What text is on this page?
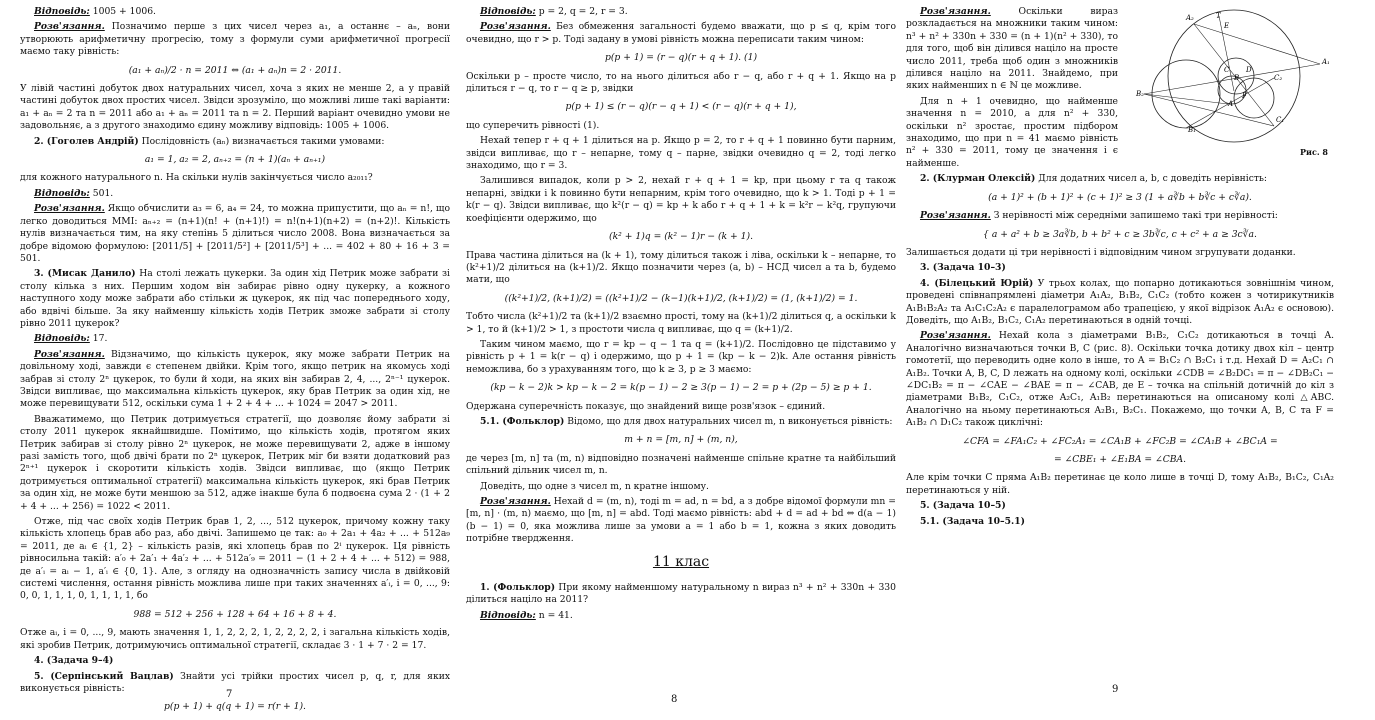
Відповідь: 1005 + 1006.
Розв'язання. Позначимо перше з цих чисел через a₁, а останнє – aₙ, вони утворюють арифметичну прогресію, тому з формули суми арифметичної прогресії маємо таку рівність:
(a₁ + aₙ)/2 · n = 2011 ⇔ (a₁ + aₙ)n = 2 · 2011.
У лівій частині добуток двох натуральних чисел, хоча з яких не менше 2, а у правій частині добуток двох простих чисел. Звідси зрозуміло, що можливі лише такі варіанти: a₁ + aₙ = 2 та n = 2011 або a₁ + aₙ = 2011 та n = 2. Перший варіант очевидно умови не задовольняє, а з другого знаходимо єдину можливу відповідь: 1005 + 1006.
2. (Гоголев Андрій) Послідовність (aₙ) визначається такими умовами:
a₁ = 1, a₂ = 2, aₙ₊₂ = (n + 1)(aₙ + aₙ₊₁)
для кожного натурального n. На скільки нулів закінчується число a₂₀₁₁?
Відповідь: 501.
Розв'язання. Якщо обчислити a₃ = 6, a₄ = 24, то можна припустити, що aₙ = n!, що легко доводиться ММІ: aₙ₊₂ = (n+1)(n! + (n+1)!) = n!(n+1)(n+2) = (n+2)!. Кількість нулів визначається тим, на яку степінь 5 ділиться число 2008. Вона визначається за добре відомою формулою: [2011/5] + [2011/5²] + [2011/5³] + ... = 402 + 80 + 16 + 3 = 501.
3. (Мисак Данило) На столі лежать цукерки. За один хід Петрик може забрати зі столу кілька з них. Першим ходом він забирає рівно одну цукерку, а кожного наступного ходу може забрати або стільки ж цукерок, як під час попереднього ходу, або вдвічі більше. За яку найменшу кількість ходів Петрик зможе забрати зі столу рівно 2011 цукерок?
Відповідь: 17.
Розв'язання. Відзначимо, що кількість цукерок, яку може забрати Петрик на довільному ході, завжди є степенем двійки. Крім того, якщо петрик на якомусь ході забрав зі столу 2ⁿ цукерок, то були й ходи, на яких він забирав 2, 4, ..., 2ⁿ⁻¹ цукерок. Звідси випливає, що максимальна кількість цукерок, яку брав Петрик за один хід, не може перевищувати 512, оскільки сума 1 + 2 + 4 + ... + 1024 = 2047 > 2011.
Вважатимемо, що Петрик дотримується стратегії, що дозволяє йому забрати зі столу 2011 цукерок якнайшвидше. Помітимо, що кількість ходів, протягом яких Петрик забирав зі столу рівно 2ⁿ цукерок, не може перевищувати 2, адже в іншому разі замість того, щоб двічі брати по 2ⁿ цукерок, Петрик міг би взяти додатковий раз 2ⁿ⁺¹ цукерок і скоротити кількість ходів. Звідси випливає, що (якщо Петрик дотримується оптимальної стратегії) максимальна кількість цукерок, які брав Петрик за один хід, не може бути меншою за 512, адже інакше була б подвоєна сума 2 · (1 + 2 + 4 + ... + 256) = 1022 < 2011.
Отже, під час своїх ходів Петрик брав 1, 2, ..., 512 цукерок, причому кожну таку кількість хлопець брав або раз, або двічі. Запишемо це так: a₀ + 2a₁ + 4a₂ + ... + 512a₉ = 2011, де aᵢ ∈ {1, 2} – кількість разів, які хлопець брав по 2ⁱ цукерок. Ця рівність рівносильна такій: a′₀ + 2a′₁ + 4a′₂ + ... + 512a′₉ = 2011 − (1 + 2 + 4 + ... + 512) = 988, де a′ᵢ = aᵢ − 1, a′ᵢ ∈ {0, 1}. Але, з огляду на однозначність запису числа в двійковій системі числення, остання рівність можлива лише при таких значеннях a′ᵢ, i = 0, ..., 9: 0, 0, 1, 1, 1, 0, 1, 1, 1, 1, бо
988 = 512 + 256 + 128 + 64 + 16 + 8 + 4.
Отже aᵢ, i = 0, ..., 9, мають значення 1, 1, 2, 2, 2, 1, 2, 2, 2, 2, і загальна кількість ходів, які зробив Петрик, дотримуючись оптимальної стратегії, складає 3 · 1 + 7 · 2 = 17.
4. (Задача 9–4)
5. (Серпінський Вацлав) Знайти усі трійки простих чисел p, q, r, для яких виконується рівність:
p(p + 1) + q(q + 1) = r(r + 1).
Відповідь: p = 2, q = 2, r = 3.
Розв'язання. Без обмеження загальності будемо вважати, що p ≤ q, крім того очевидно, що r > p. Тоді задану в умові рівність можна переписати таким чином:
p(p + 1) = (r − q)(r + q + 1). (1)
Оскільки p – просте число, то на нього ділиться або r − q, або r + q + 1. Якщо на p ділиться r − q, то r − q ≥ p, звідки
p(p + 1) ≤ (r − q)(r − q + 1) < (r − q)(r + q + 1),
що суперечить рівності (1).
Нехай тепер r + q + 1 ділиться на p. Якщо p = 2, то r + q + 1 повинно бути парним, звідси випливає, що r – непарне, тому q – парне, звідки очевидно q = 2, тоді легко знаходимо, що r = 3.
Залишився випадок, коли p > 2, нехай r + q + 1 = kp, при цьому r та q також непарні, звідки і k повинно бути непарним, крім того очевидно, що k > 1. Тоді p + 1 = k(r − q). Звідси випливає, що k²(r − q) = kp + k або r + q + 1 + k = k²r − k²q, групуючи коефіцієнти одержимо, що
(k² + 1)q = (k² − 1)r − (k + 1).
Права частина ділиться на (k + 1), тому ділиться також і ліва, оскільки k – непарне, то (k²+1)/2 ділиться на (k+1)/2. Якщо позначити через (a, b) – НСД чисел a та b, будемо мати, що
((k²+1)/2, (k+1)/2) = ((k²+1)/2 − (k−1)(k+1)/2, (k+1)/2) = (1, (k+1)/2) = 1.
Тобто числа (k²+1)/2 та (k+1)/2 взаємно прості, тому на (k+1)/2 ділиться q, а оскільки k > 1, то й (k+1)/2 > 1, з простоти числа q випливає, що q = (k+1)/2.
Таким чином маємо, що r = kp − q − 1 та q = (k+1)/2. Послідовно це підставимо у рівність p + 1 = k(r − q) і одержимо, що p + 1 = (kp − k − 2)k. Але остання рівність неможлива, бо з урахуванням того, що k ≥ 3, p ≥ 3 маємо:
(kp − k − 2)k > kp − k − 2 = k(p − 1) − 2 ≥ 3(p − 1) − 2 = p + (2p − 5) ≥ p + 1.
Одержана суперечність показує, що знайдений вище розв'язок – єдиний.
5.1. (Фольклор) Відомо, що для двох натуральних чисел m, n виконується рівність:
m + n = [m, n] + (m, n),
де через [m, n] та (m, n) відповідно позначені найменше спільне кратне та найбільший спільний дільник чисел m, n.
Доведіть, що одне з чисел m, n кратне іншому.
Розв'язання. Нехай d = (m, n), тоді m = ad, n = bd, а з добре відомої формули mn = [m, n] · (m, n) маємо, що [m, n] = abd. Тоді маємо рівність: abd + d = ad + bd ⇔ d(a − 1)(b − 1) = 0, яка можлива лише за умови a = 1 або b = 1, кожна з яких доводить потрібне твердження.
11 клас
1. (Фольклор) При якому найменшому натуральному n вираз n³ + n² + 330n + 330 ділиться націло на 2011?
Відповідь: n = 41.
A₂	T
E
A₁
B₂
C D
B
A
C₁
C₂
F
B₁
Рис. 8
Розв'язання.	Оскільки вираз розкладається на множники таким чином: n³ + n² + 330n + 330 = (n + 1)(n² + 330), то для того, щоб він ділився націло на просте число 2011, треба щоб один з множників ділився націло на 2011. Знайдемо, при яких найменших n ∈ ℕ це можливе.
Для n + 1 очевидно, що найменше значення n = 2010, а для n² + 330, оскільки n² зростає, простим підбором знаходимо, що при n = 41 маємо рівність n² + 330 = 2011, тому це значення і є найменше.
2. (Клурман Олексій) Для додатних чисел a, b, c доведіть нерівність:
(a + 1)² + (b + 1)² + (c + 1)² ≥ 3 (1 + a∛b + b∛c + c∛a).
Розв'язання. З нерівності між середніми запишемо такі три нерівності:
{ a + a² + b ≥ 3a∛b, b + b² + c ≥ 3b∛c, c + c² + a ≥ 3c∛a.
Залишається додати ці три нерівності і відповідним чином згрупувати доданки.
3. (Задача 10–3)
4. (Білецький Юрій) У трьох колах, що попарно дотикаються зовнішнім чином, проведені співнапрямлені діаметри A₁A₂, B₁B₂, C₁C₂ (тобто кожен з чотирикутників A₁B₁B₂A₂ та A₁C₁C₂A₂ є паралелограмом або трапецією, у якої відрізок A₁A₂ є основою). Доведіть, що A₁B₂, B₁C₂, C₁A₂ перетинаються в одній точці.
Розв'язання. Нехай кола з діаметрами B₁B₂, C₁C₂ дотикаються в точці A. Аналогічно визначаються точки B, C (рис. 8). Оскільки точка дотику двох кіл – центр гомотетії, що переводить одне коло в інше, то A = B₁C₂ ∩ B₂C₁ і т.д. Нехай D = A₂C₁ ∩ A₁B₂. Точки A, B, C, D лежать на одному колі, оскільки ∠CDB = ∠B₂DC₁ = π − ∠DB₂C₁ − ∠DC₁B₂ = π − ∠CAE − ∠BAE = π − ∠CAB, де E – точка на спільній дотичній до кіл з діаметрами B₁B₂, C₁C₂, отже A₂C₁, A₁B₂ перетинаються на описаному колі △ABC. Аналогічно на ньому перетинаються A₂B₁, B₂C₁. Покажемо, що точки A, B, C та F = A₁B₂ ∩ D₁C₂ також циклічні:
∠CFA = ∠FA₁C₂ + ∠FC₂A₁ = ∠CA₁B + ∠FC₂B = ∠CA₁B + ∠BC₁A =
= ∠CBE₁ + ∠E₁BA = ∠CBA.
Але крім точки C пряма A₁B₂ перетинає це коло лише в точці D, тому A₁B₂, B₁C₂, C₁A₂ перетинаються у ній.
5. (Задача 10–5)
5.1. (Задача 10–5.1)
7	8
9
